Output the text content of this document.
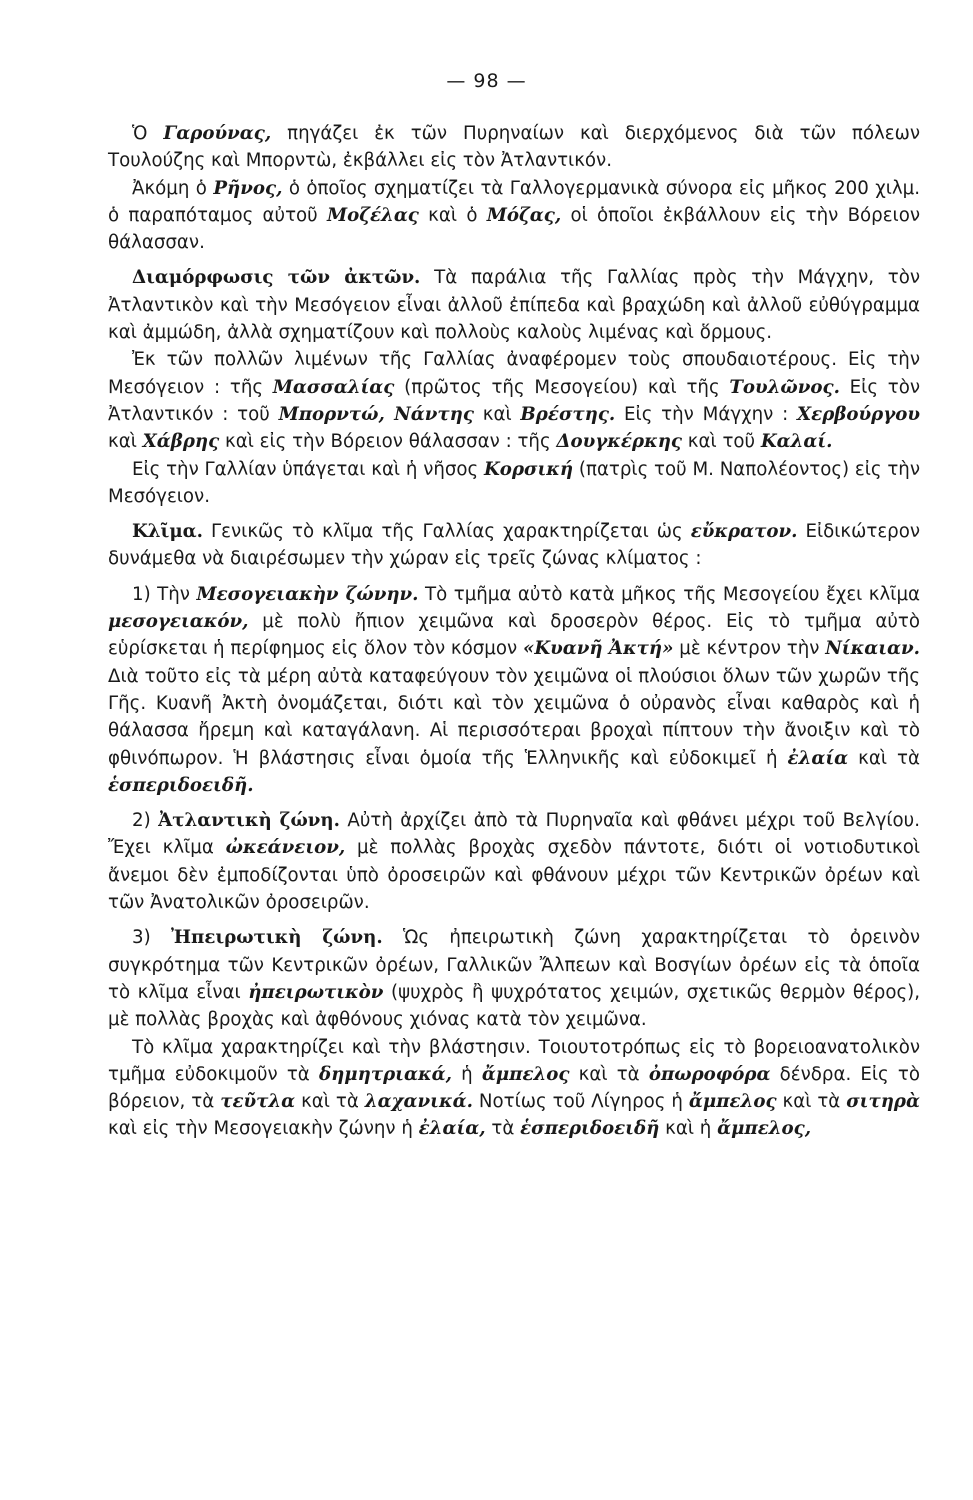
— 98 —

Ὁ Γαρούνας, πηγάζει ἐκ τῶν Πυρηναίων καὶ διερχόμενος διὰ τῶν πόλεων Τουλούζης καὶ Μπορντὼ, ἐκβάλλει εἰς τὸν Ἀτλαντικόν.

Ἀκόμη ὁ Ρῆνος, ὁ ὁποῖος σχηματίζει τὰ Γαλλογερμανικὰ σύνορα εἰς μῆκος 200 χιλμ. ὁ παραπόταμος αὐτοῦ Μοζέλας καὶ ὁ Μόζας, οἱ ὁποῖοι ἐκβάλλουν εἰς τὴν Βόρειον θάλασσαν.

Διαμόρφωσις τῶν ἀκτῶν. Τὰ παράλια τῆς Γαλλίας πρὸς τὴν Μάγχην, τὸν Ἀτλαντικὸν καὶ τὴν Μεσόγειον εἶναι ἀλλοῦ ἐπίπεδα καὶ βραχώδη καὶ ἀλλοῦ εὐθύγραμμα καὶ ἀμμώδη, ἀλλὰ σχηματίζουν καὶ πολλοὺς καλοὺς λιμένας καὶ ὅρμους.

Ἐκ τῶν πολλῶν λιμένων τῆς Γαλλίας ἀναφέρομεν τοὺς σπουδαιοτέρους. Εἰς τὴν Μεσόγειον : τῆς Μασσαλίας (πρῶτος τῆς Μεσογείου) καὶ τῆς Τουλῶνος. Εἰς τὸν Ἀτλαντικόν : τοῦ Μπορντώ, Νάντης καὶ Βρέστης. Εἰς τὴν Μάγχην : Χερβούργου καὶ Χάβρης καὶ εἰς τὴν Βόρειον θάλασσαν : τῆς Δουγκέρκης καὶ τοῦ Καλαί.

Εἰς τὴν Γαλλίαν ὑπάγεται καὶ ἡ νῆσος Κορσική (πατρὶς τοῦ Μ. Ναπολέοντος) εἰς τὴν Μεσόγειον.

Κλῖμα. Γενικῶς τὸ κλῖμα τῆς Γαλλίας χαρακτηρίζεται ὡς εὔκρατον. Εἰδικώτερον δυνάμεθα νὰ διαιρέσωμεν τὴν χώραν εἰς τρεῖς ζώνας κλίματος :

1) Τὴν Μεσογειακὴν ζώνην. Τὸ τμῆμα αὐτὸ κατὰ μῆκος τῆς Μεσογείου ἔχει κλῖμα μεσογειακόν, μὲ πολὺ ἤπιον χειμῶνα καὶ δροσερὸν θέρος. Εἰς τὸ τμῆμα αὐτὸ εὑρίσκεται ἡ περίφημος εἰς ὅλον τὸν κόσμον «Κυανῆ Ἀκτή» μὲ κέντρον τὴν Νίκαιαν. Διὰ τοῦτο εἰς τὰ μέρη αὐτὰ καταφεύγουν τὸν χειμῶνα οἱ πλούσιοι ὅλων τῶν χωρῶν τῆς Γῆς. Κυανῆ Ἀκτὴ ὀνομάζεται, διότι καὶ τὸν χειμῶνα ὁ οὐρανὸς εἶναι καθαρὸς καὶ ἡ θάλασσα ἤρεμη καὶ καταγάλανη. Αἱ περισσότεραι βροχαὶ πίπτουν τὴν ἄνοιξιν καὶ τὸ φθινόπωρον. Ἡ βλάστησις εἶναι ὁμοία τῆς Ἑλληνικῆς καὶ εὐδοκιμεῖ ἡ ἐλαία καὶ τὰ ἑσπεριδοειδῆ.

2) Ἀτλαντικὴ ζώνη. Αὐτὴ ἀρχίζει ἀπὸ τὰ Πυρηναῖα καὶ φθάνει μέχρι τοῦ Βελγίου. Ἔχει κλῖμα ὠκεάνειον, μὲ πολλὰς βροχὰς σχεδὸν πάντοτε, διότι οἱ νοτιοδυτικοὶ ἄνεμοι δὲν ἐμποδίζονται ὑπὸ ὀροσειρῶν καὶ φθάνουν μέχρι τῶν Κεντρικῶν ὀρέων καὶ τῶν Ἀνατολικῶν ὀροσειρῶν.

3) Ἠπειρωτικὴ ζώνη. Ὡς ἠπειρωτικὴ ζώνη χαρακτηρίζεται τὸ ὀρεινὸν συγκρότημα τῶν Κεντρικῶν ὀρέων, Γαλλικῶν Ἄλπεων καὶ Βοσγίων ὀρέων εἰς τὰ ὁποῖα τὸ κλῖμα εἶναι ἠπειρωτικὸν (ψυχρὸς ἢ ψυχρότατος χειμών, σχετικῶς θερμὸν θέρος), μὲ πολλὰς βροχὰς καὶ ἀφθόνους χιόνας κατὰ τὸν χειμῶνα.

Τὸ κλῖμα χαρακτηρίζει καὶ τὴν βλάστησιν. Τοιουτοτρόπως εἰς τὸ βορειοανατολικὸν τμῆμα εὐδοκιμοῦν τὰ δημητριακά, ἡ ἄμπελος καὶ τὰ ὀπωροφόρα δένδρα. Εἰς τὸ βόρειον, τὰ τεῦτλα καὶ τὰ λαχανικά. Νοτίως τοῦ Λίγηρος ἡ ἄμπελος καὶ τὰ σιτηρὰ καὶ εἰς τὴν Μεσογειακὴν ζώνην ἡ ἐλαία, τὰ ἑσπεριδοειδῆ καὶ ἡ ἄμπελος,
